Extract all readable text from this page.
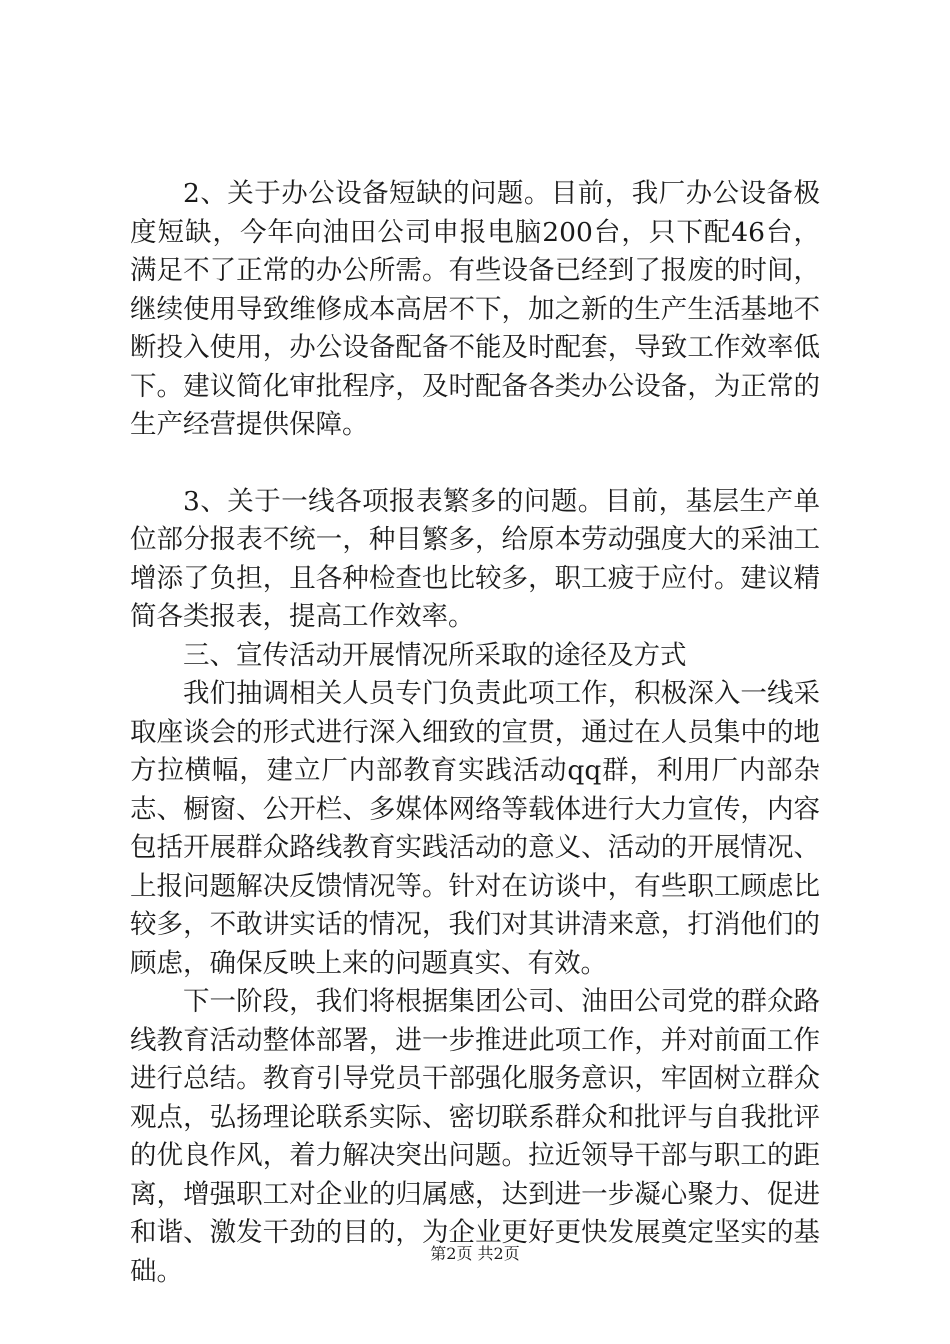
2、关于办公设备短缺的问题。目前，我厂办公设备极度短缺，今年向油田公司申报电脑200台，只下配46台，满足不了正常的办公所需。有些设备已经到了报废的时间，继续使用导致维修成本高居不下，加之新的生产生活基地不断投入使用，办公设备配备不能及时配套，导致工作效率低下。建议简化审批程序，及时配备各类办公设备，为正常的生产经营提供保障。

3、关于一线各项报表繁多的问题。目前，基层生产单位部分报表不统一，种目繁多，给原本劳动强度大的采油工增添了负担，且各种检查也比较多，职工疲于应付。建议精简各类报表，提高工作效率。

三、宣传活动开展情况所采取的途径及方式

我们抽调相关人员专门负责此项工作，积极深入一线采取座谈会的形式进行深入细致的宣贯，通过在人员集中的地方拉横幅，建立厂内部教育实践活动qq群，利用厂内部杂志、橱窗、公开栏、多媒体网络等载体进行大力宣传，内容包括开展群众路线教育实践活动的意义、活动的开展情况、上报问题解决反馈情况等。针对在访谈中，有些职工顾虑比较多，不敢讲实话的情况，我们对其讲清来意，打消他们的顾虑，确保反映上来的问题真实、有效。

下一阶段，我们将根据集团公司、油田公司党的群众路线教育活动整体部署，进一步推进此项工作，并对前面工作进行总结。教育引导党员干部强化服务意识，牢固树立群众观点，弘扬理论联系实际、密切联系群众和批评与自我批评的优良作风，着力解决突出问题。拉近领导干部与职工的距离，增强职工对企业的归属感，达到进一步凝心聚力、促进和谐、激发干劲的目的，为企业更好更快发展奠定坚实的基础。

第2页 共2页
